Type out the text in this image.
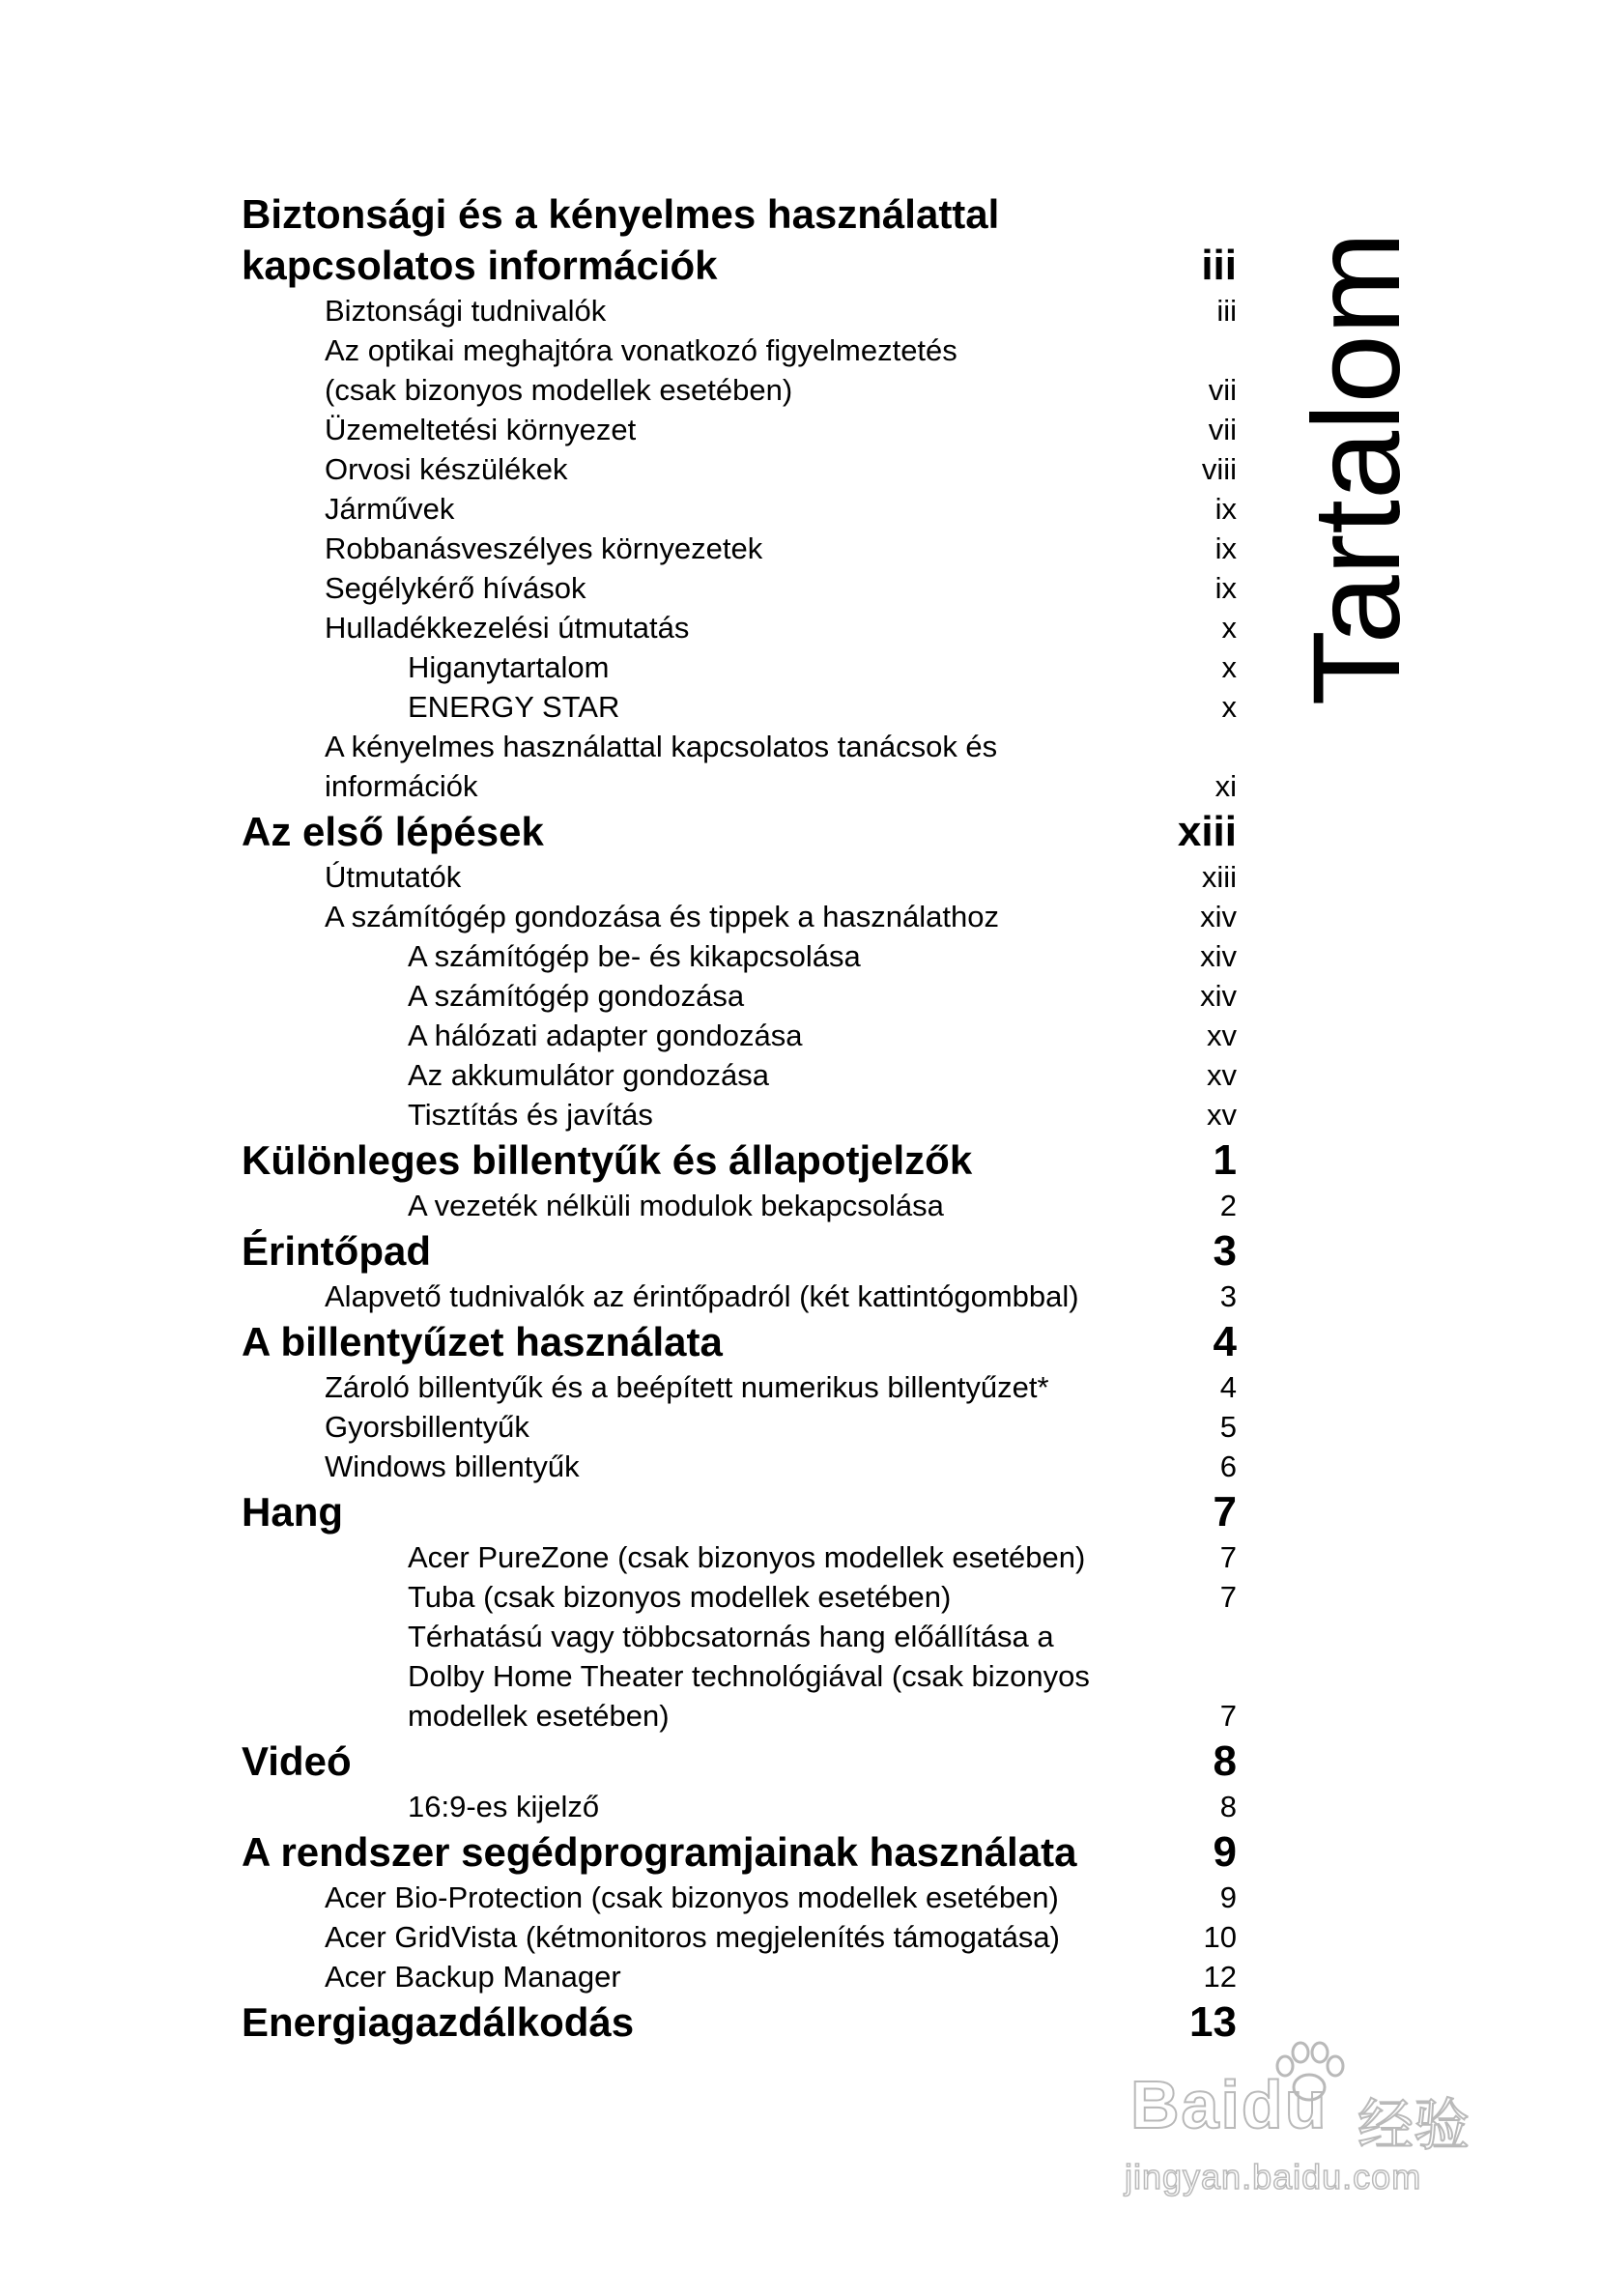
Biztonsági és a kényelmes használattal
kapcsolatos információk	iii
Biztonsági tudnivalók	iii
Az optikai meghajtóra vonatkozó figyelmeztetés
(csak bizonyos modellek esetében)	vii
Üzemeltetési környezet	vii
Orvosi készülékek	viii
Járművek	ix
Robbanásveszélyes környezetek	ix
Segélykérő hívások	ix
Hulladékkezelési útmutatás	x
Higanytartalom	x
ENERGY STAR	x
A kényelmes használattal kapcsolatos tanácsok és
információk	xi
Az első lépések	xiii
Útmutatók	xiii
A számítógép gondozása és tippek a használathoz	xiv
A számítógép be- és kikapcsolása	xiv
A számítógép gondozása	xiv
A hálózati adapter gondozása	xv
Az akkumulátor gondozása	xv
Tisztítás és javítás	xv
Különleges billentyűk és állapotjelzők	1
A vezeték nélküli modulok bekapcsolása	2
Érintőpad	3
Alapvető tudnivalók az érintőpadról (két kattintógombbal)	3
A billentyűzet használata	4
Zároló billentyűk és a beépített numerikus billentyűzet*	4
Gyorsbillentyűk	5
Windows billentyűk	6
Hang	7
Acer PureZone (csak bizonyos modellek esetében)	7
Tuba (csak bizonyos modellek esetében)	7
Térhatású vagy többcsatornás hang előállítása a
Dolby Home Theater technológiával (csak bizonyos
modellek esetében)	7
Videó	8
16:9-es kijelző	8
A rendszer segédprogramjainak használata	9
Acer Bio-Protection (csak bizonyos modellek esetében)	9
Acer GridVista (kétmonitoros megjelenítés támogatása)	10
Acer Backup Manager	12
Energiagazdálkodás	13
Tartalom
Baidu 经验
jingyan.baidu.com
